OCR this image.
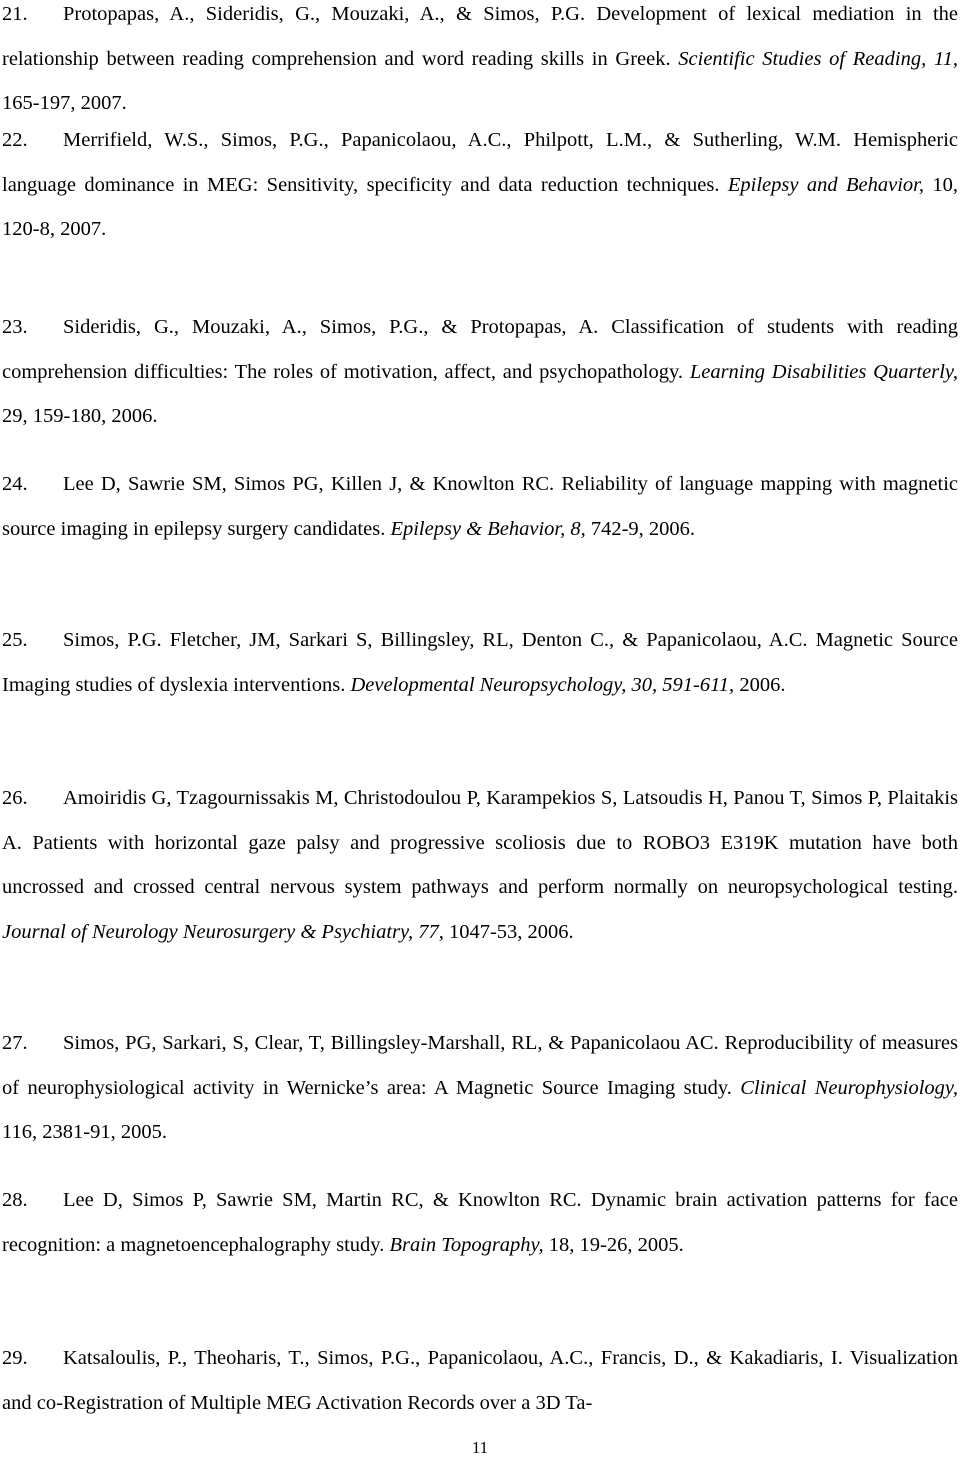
21. Protopapas, A., Sideridis, G., Mouzaki, A., & Simos, P.G. Development of lexical mediation in the relationship between reading comprehension and word reading skills in Greek. Scientific Studies of Reading, 11, 165-197, 2007.

22. Merrifield, W.S., Simos, P.G., Papanicolaou, A.C., Philpott, L.M., & Sutherling, W.M. Hemispheric language dominance in MEG: Sensitivity, specificity and data reduction techniques. Epilepsy and Behavior, 10, 120-8, 2007.

23. Sideridis, G., Mouzaki, A., Simos, P.G., & Protopapas, A. Classification of students with reading comprehension difficulties: The roles of motivation, affect, and psychopathology. Learning Disabilities Quarterly, 29, 159-180, 2006.

24. Lee D, Sawrie SM, Simos PG, Killen J, & Knowlton RC. Reliability of language mapping with magnetic source imaging in epilepsy surgery candidates. Epilepsy & Behavior, 8, 742-9, 2006.

25. Simos, P.G. Fletcher, JM, Sarkari S, Billingsley, RL, Denton C., & Papanicolaou, A.C. Magnetic Source Imaging studies of dyslexia interventions. Developmental Neuropsychology, 30, 591-611, 2006.

26. Amoiridis G, Tzagournissakis M, Christodoulou P, Karampekios S, Latsoudis H, Panou T, Simos P, Plaitakis A. Patients with horizontal gaze palsy and progressive scoliosis due to ROBO3 E319K mutation have both uncrossed and crossed central nervous system pathways and perform normally on neuropsychological testing. Journal of Neurology Neurosurgery & Psychiatry, 77, 1047-53, 2006.

27. Simos, PG, Sarkari, S, Clear, T, Billingsley-Marshall, RL, & Papanicolaou AC. Reproducibility of measures of neurophysiological activity in Wernicke’s area: A Magnetic Source Imaging study. Clinical Neurophysiology, 116, 2381-91, 2005.

28. Lee D, Simos P, Sawrie SM, Martin RC, & Knowlton RC. Dynamic brain activation patterns for face recognition: a magnetoencephalography study. Brain Topography, 18, 19-26, 2005.

29. Katsaloulis, P., Theoharis, T., Simos, P.G., Papanicolaou, A.C., Francis, D., & Kakadiaris, I. Visualization and co-Registration of Multiple MEG Activation Records over a 3D Ta-

11
